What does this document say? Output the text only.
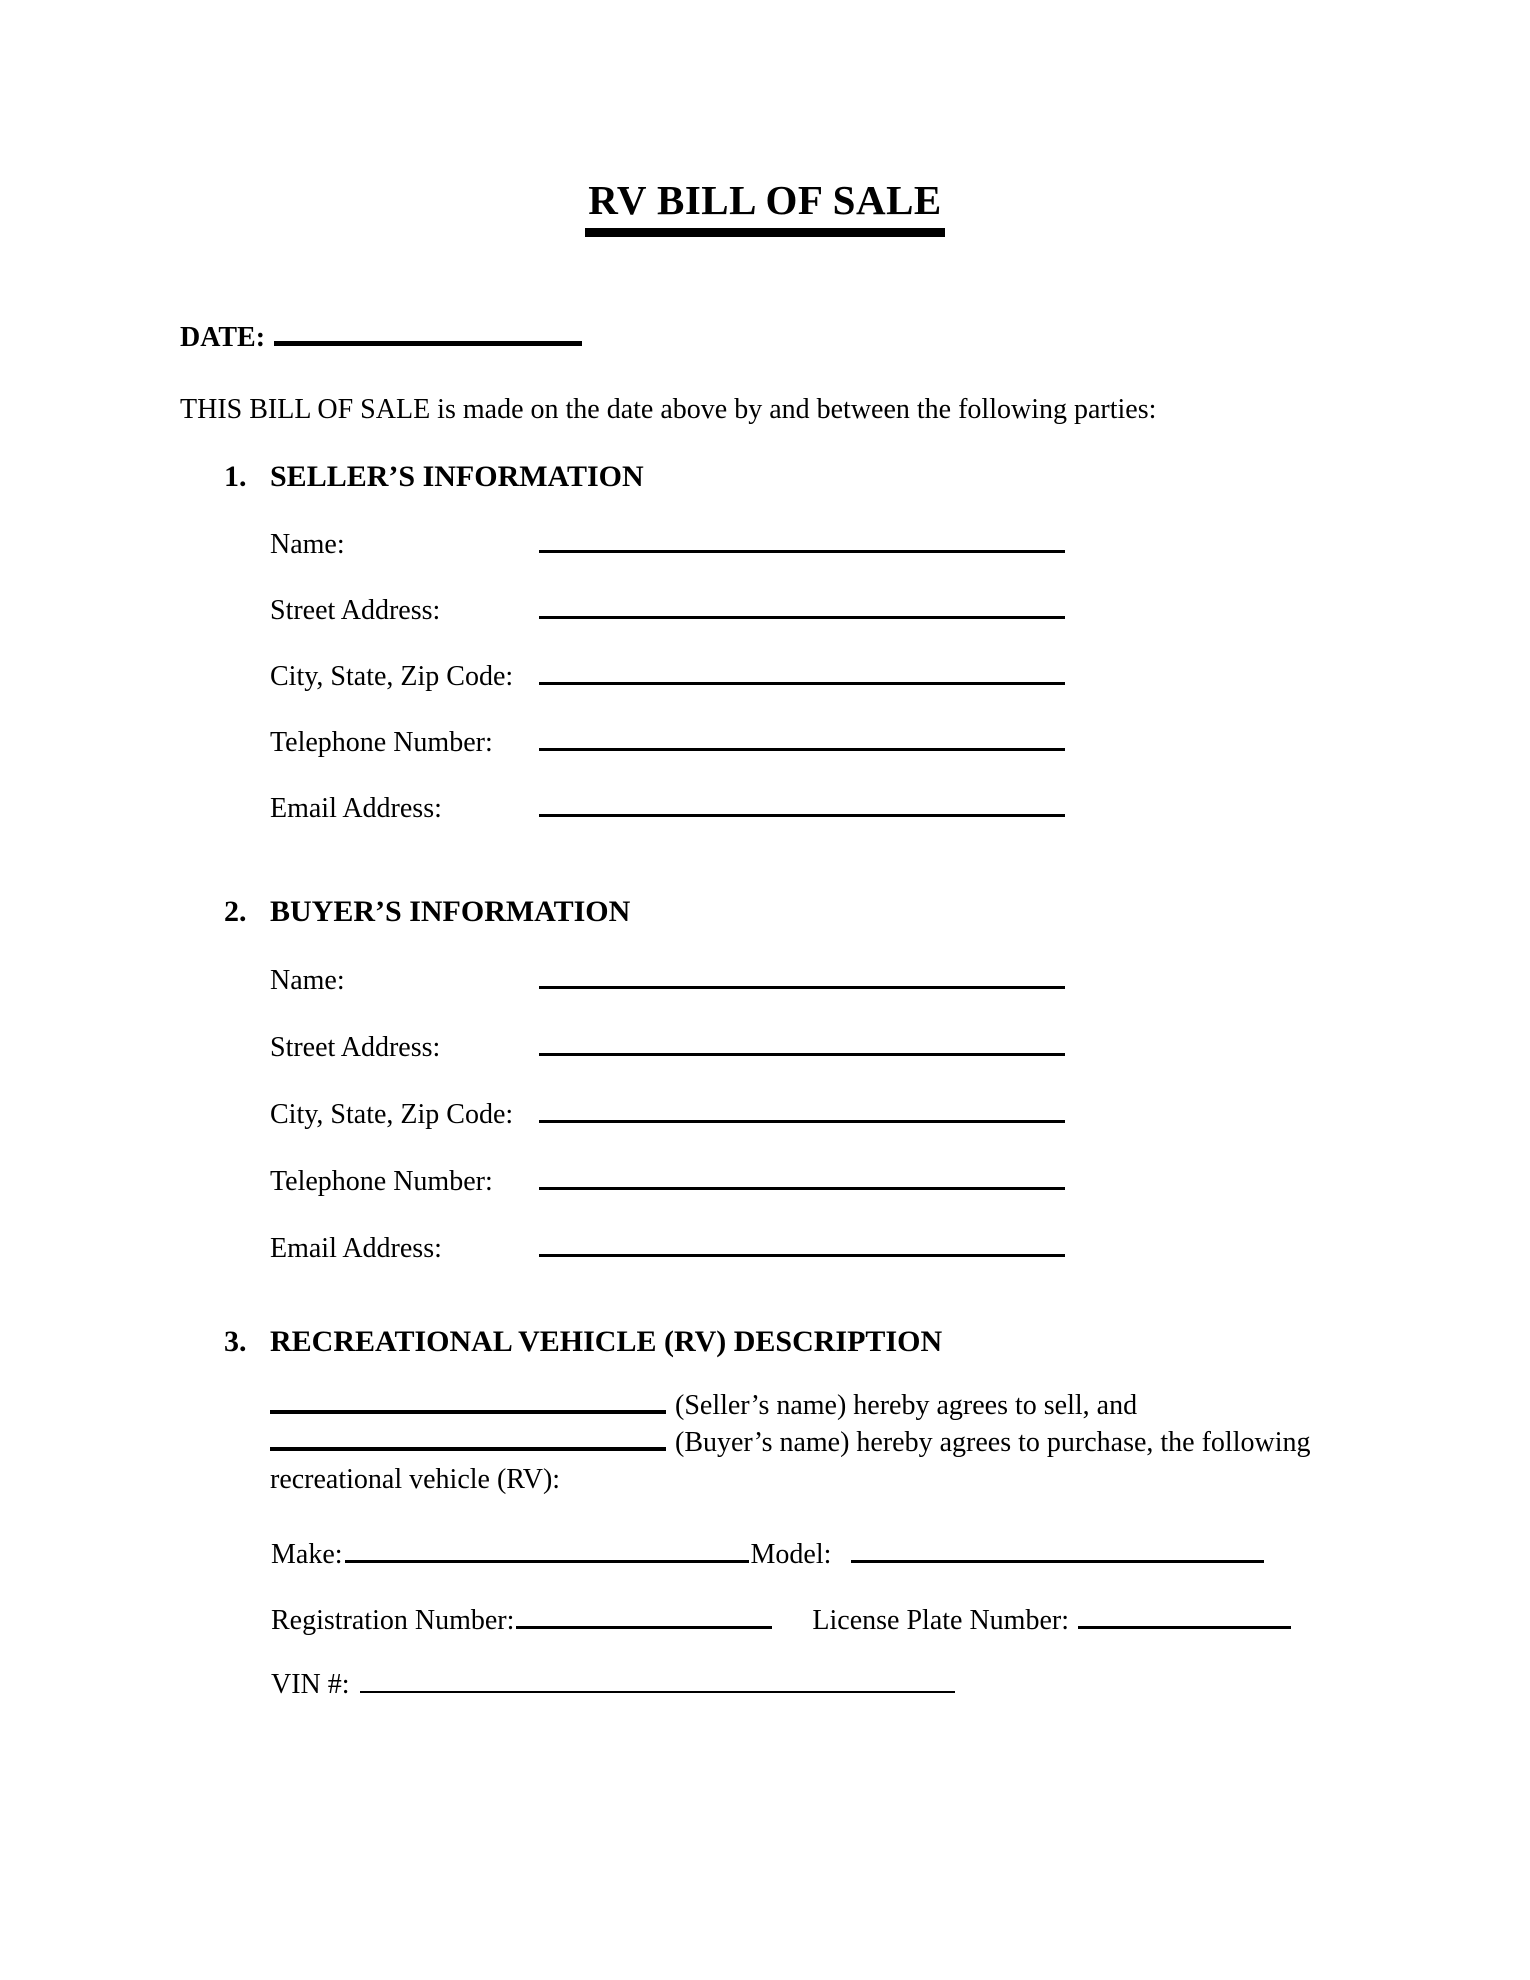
RV BILL OF SALE
DATE:

THIS BILL OF SALE is made on the date above by and between the following parties:

1. SELLER’S INFORMATION
Name:
Street Address:
City, State, Zip Code:
Telephone Number:
Email Address:
2. BUYER’S INFORMATION
Name:
Street Address:
City, State, Zip Code:
Telephone Number:
Email Address:
3. RECREATIONAL VEHICLE (RV) DESCRIPTION
(Seller’s name) hereby agrees to sell, and
(Buyer’s name) hereby agrees to purchase, the following
recreational vehicle (RV):
Make:	Model:
Registration Number:	License Plate Number:
VIN #:
